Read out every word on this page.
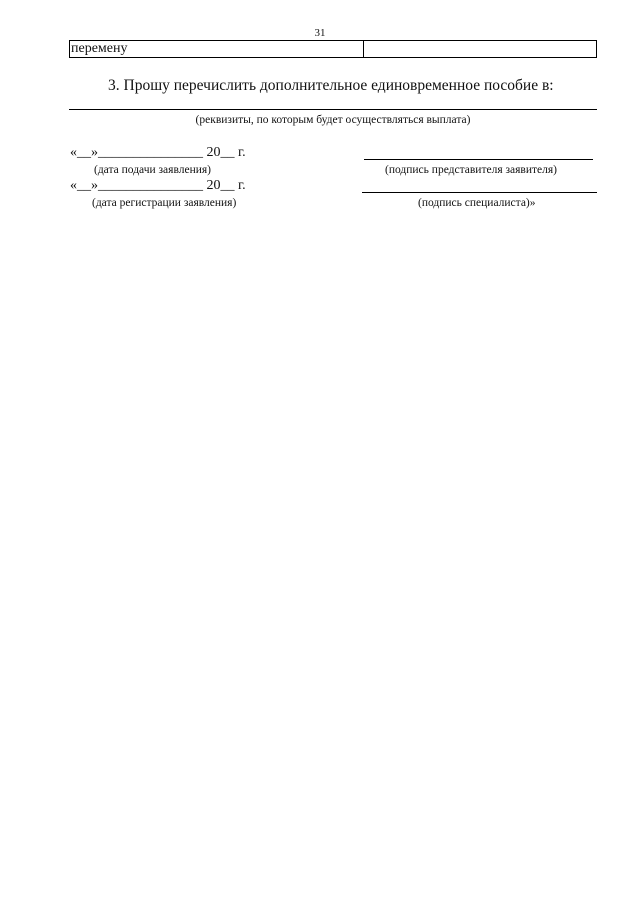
31
перемену
3. Прошу перечислить дополнительное единовременное пособие в:
(реквизиты, по которым будет осуществляться выплата)
«__»_______________ 20__ г.
(дата подачи заявления)	(подпись представителя заявителя)
«__»_______________ 20__ г.
(дата регистрации заявления)	(подпись специалиста)»
